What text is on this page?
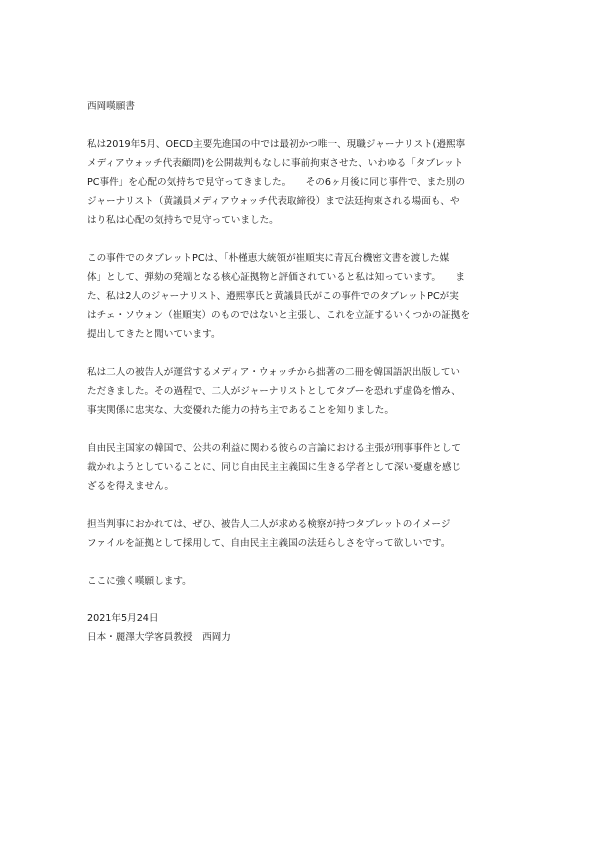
西岡嘆願書
私は2019年5月、OECD主要先進国の中では最初かつ唯一、現職ジャーナリスト(邉熙寧
メディアウォッチ代表顧問)を公開裁判もなしに事前拘束させた、いわゆる「タブレット
PC事件」を心配の気持ちで見守ってきました。　　その6ヶ月後に同じ事件で、また別の
ジャーナリスト（黄議員メディアウォッチ代表取締役）まで法廷拘束される場面も、や
はり私は心配の気持ちで見守っていました。
この事件でのタブレットPCは、「朴槿恵大統領が崔順実に青瓦台機密文書を渡した媒
体」として、弾劾の発端となる核心証拠物と評価されていると私は知っています。　　ま
た、私は2人のジャーナリスト、邉熙寧氏と黄議員氏がこの事件でのタブレットPCが実
はチェ・ソウォン（崔順実）のものではないと主張し、これを立証するいくつかの証拠を
提出してきたと聞いています。
私は二人の被告人が運営するメディア・ウォッチから拙著の二冊を韓国語訳出版してい
ただきました。その過程で、二人がジャーナリストとしてタブーを恐れず虚偽を憎み、
事実関係に忠実な、大変優れた能力の持ち主であることを知りました。
自由民主国家の韓国で、公共の利益に関わる彼らの言論における主張が刑事事件として
裁かれようとしていることに、同じ自由民主主義国に生きる学者として深い憂慮を感じ
ざるを得えません。
担当判事におかれては、ぜひ、被告人二人が求める検察が持つタブレットのイメージ
ファイルを証拠として採用して、自由民主主義国の法廷らしさを守って欲しいです。
ここに強く嘆願します。
2021年5月24日
日本・麗澤大学客員教授　西岡力
